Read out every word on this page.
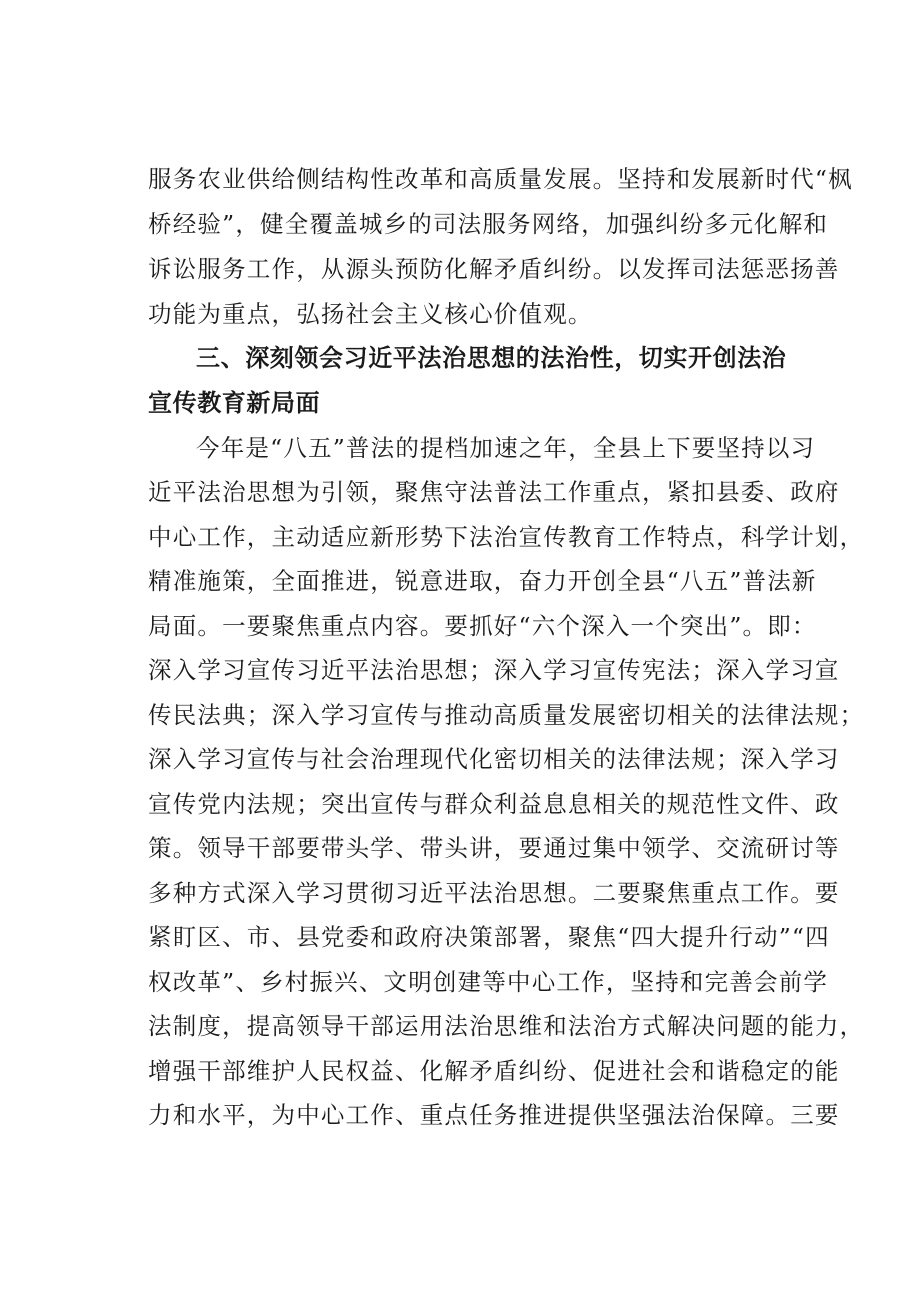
服务农业供给侧结构性改革和高质量发展。坚持和发展新时代“枫
桥经验”，健全覆盖城乡的司法服务网络，加强纠纷多元化解和
诉讼服务工作，从源头预防化解矛盾纠纷。以发挥司法惩恶扬善
功能为重点，弘扬社会主义核心价值观。
三、深刻领会习近平法治思想的法治性，切实开创法治
宣传教育新局面
今年是“八五”普法的提档加速之年，全县上下要坚持以习
近平法治思想为引领，聚焦守法普法工作重点，紧扣县委、政府
中心工作，主动适应新形势下法治宣传教育工作特点，科学计划，
精准施策，全面推进，锐意进取，奋力开创全县“八五”普法新
局面。一要聚焦重点内容。要抓好“六个深入一个突出”。即：
深入学习宣传习近平法治思想；深入学习宣传宪法；深入学习宣
传民法典；深入学习宣传与推动高质量发展密切相关的法律法规；
深入学习宣传与社会治理现代化密切相关的法律法规；深入学习
宣传党内法规；突出宣传与群众利益息息相关的规范性文件、政
策。领导干部要带头学、带头讲，要通过集中领学、交流研讨等
多种方式深入学习贯彻习近平法治思想。二要聚焦重点工作。要
紧盯区、市、县党委和政府决策部署，聚焦“四大提升行动”“四
权改革”、乡村振兴、文明创建等中心工作，坚持和完善会前学
法制度，提高领导干部运用法治思维和法治方式解决问题的能力，
增强干部维护人民权益、化解矛盾纠纷、促进社会和谐稳定的能
力和水平，为中心工作、重点任务推进提供坚强法治保障。三要
